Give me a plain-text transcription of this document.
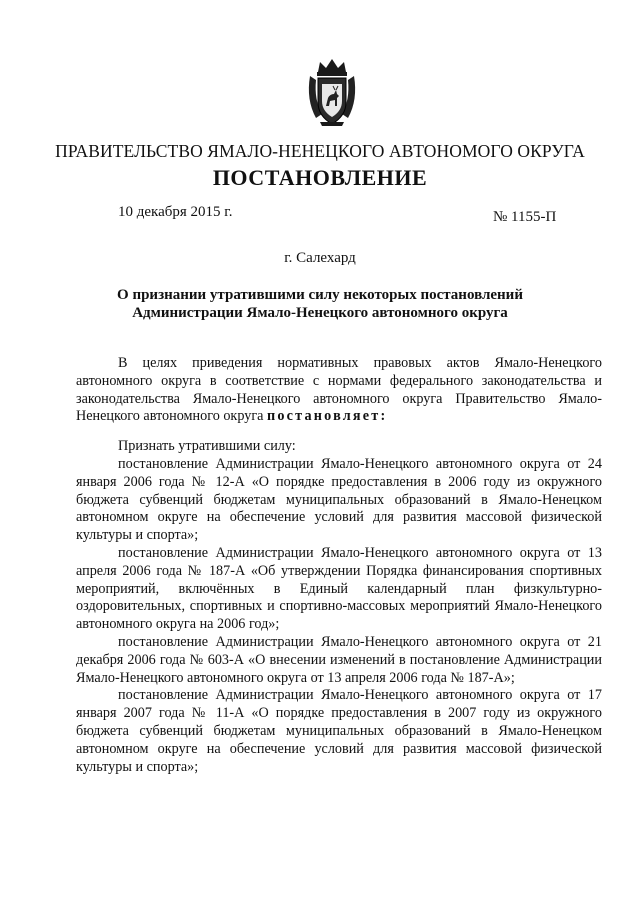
ПРАВИТЕЛЬСТВО ЯМАЛО-НЕНЕЦКОГО АВТОНОМОГО ОКРУГА
ПОСТАНОВЛЕНИЕ
10 декабря 2015 г.	№ 1155-П
г. Салехард
О признании утратившими силу некоторых постановлений
Администрации Ямало-Ненецкого автономного округа

В целях приведения нормативных правовых актов Ямало-Ненецкого автономного округа в соответствие с нормами федерального законодательства и законодательства Ямало-Ненецкого автономного округа Правительство Ямало-Ненецкого автономного округа постановляет:

Признать утратившими силу:

постановление Администрации Ямало-Ненецкого автономного округа от 24 января 2006 года № 12-А «О порядке предоставления в 2006 году из окружного бюджета субвенций бюджетам муниципальных образований в Ямало-Ненецком автономном округе на обеспечение условий для развития массовой физической культуры и спорта»;

постановление Администрации Ямало-Ненецкого автономного округа от 13 апреля 2006 года № 187-А «Об утверждении Порядка финансирования спортивных мероприятий, включённых в Единый календарный план физкультурно-оздоровительных, спортивных и спортивно-массовых мероприятий Ямало-Ненецкого автономного округа на 2006 год»;

постановление Администрации Ямало-Ненецкого автономного округа от 21 декабря 2006 года № 603-А «О внесении изменений в постановление Администрации Ямало-Ненецкого автономного округа от 13 апреля 2006 года № 187-А»;

постановление Администрации Ямало-Ненецкого автономного округа от 17 января 2007 года № 11-А «О порядке предоставления в 2007 году из окружного бюджета субвенций бюджетам муниципальных образований в Ямало-Ненецком автономном округе на обеспечение условий для развития массовой физической культуры и спорта»;
